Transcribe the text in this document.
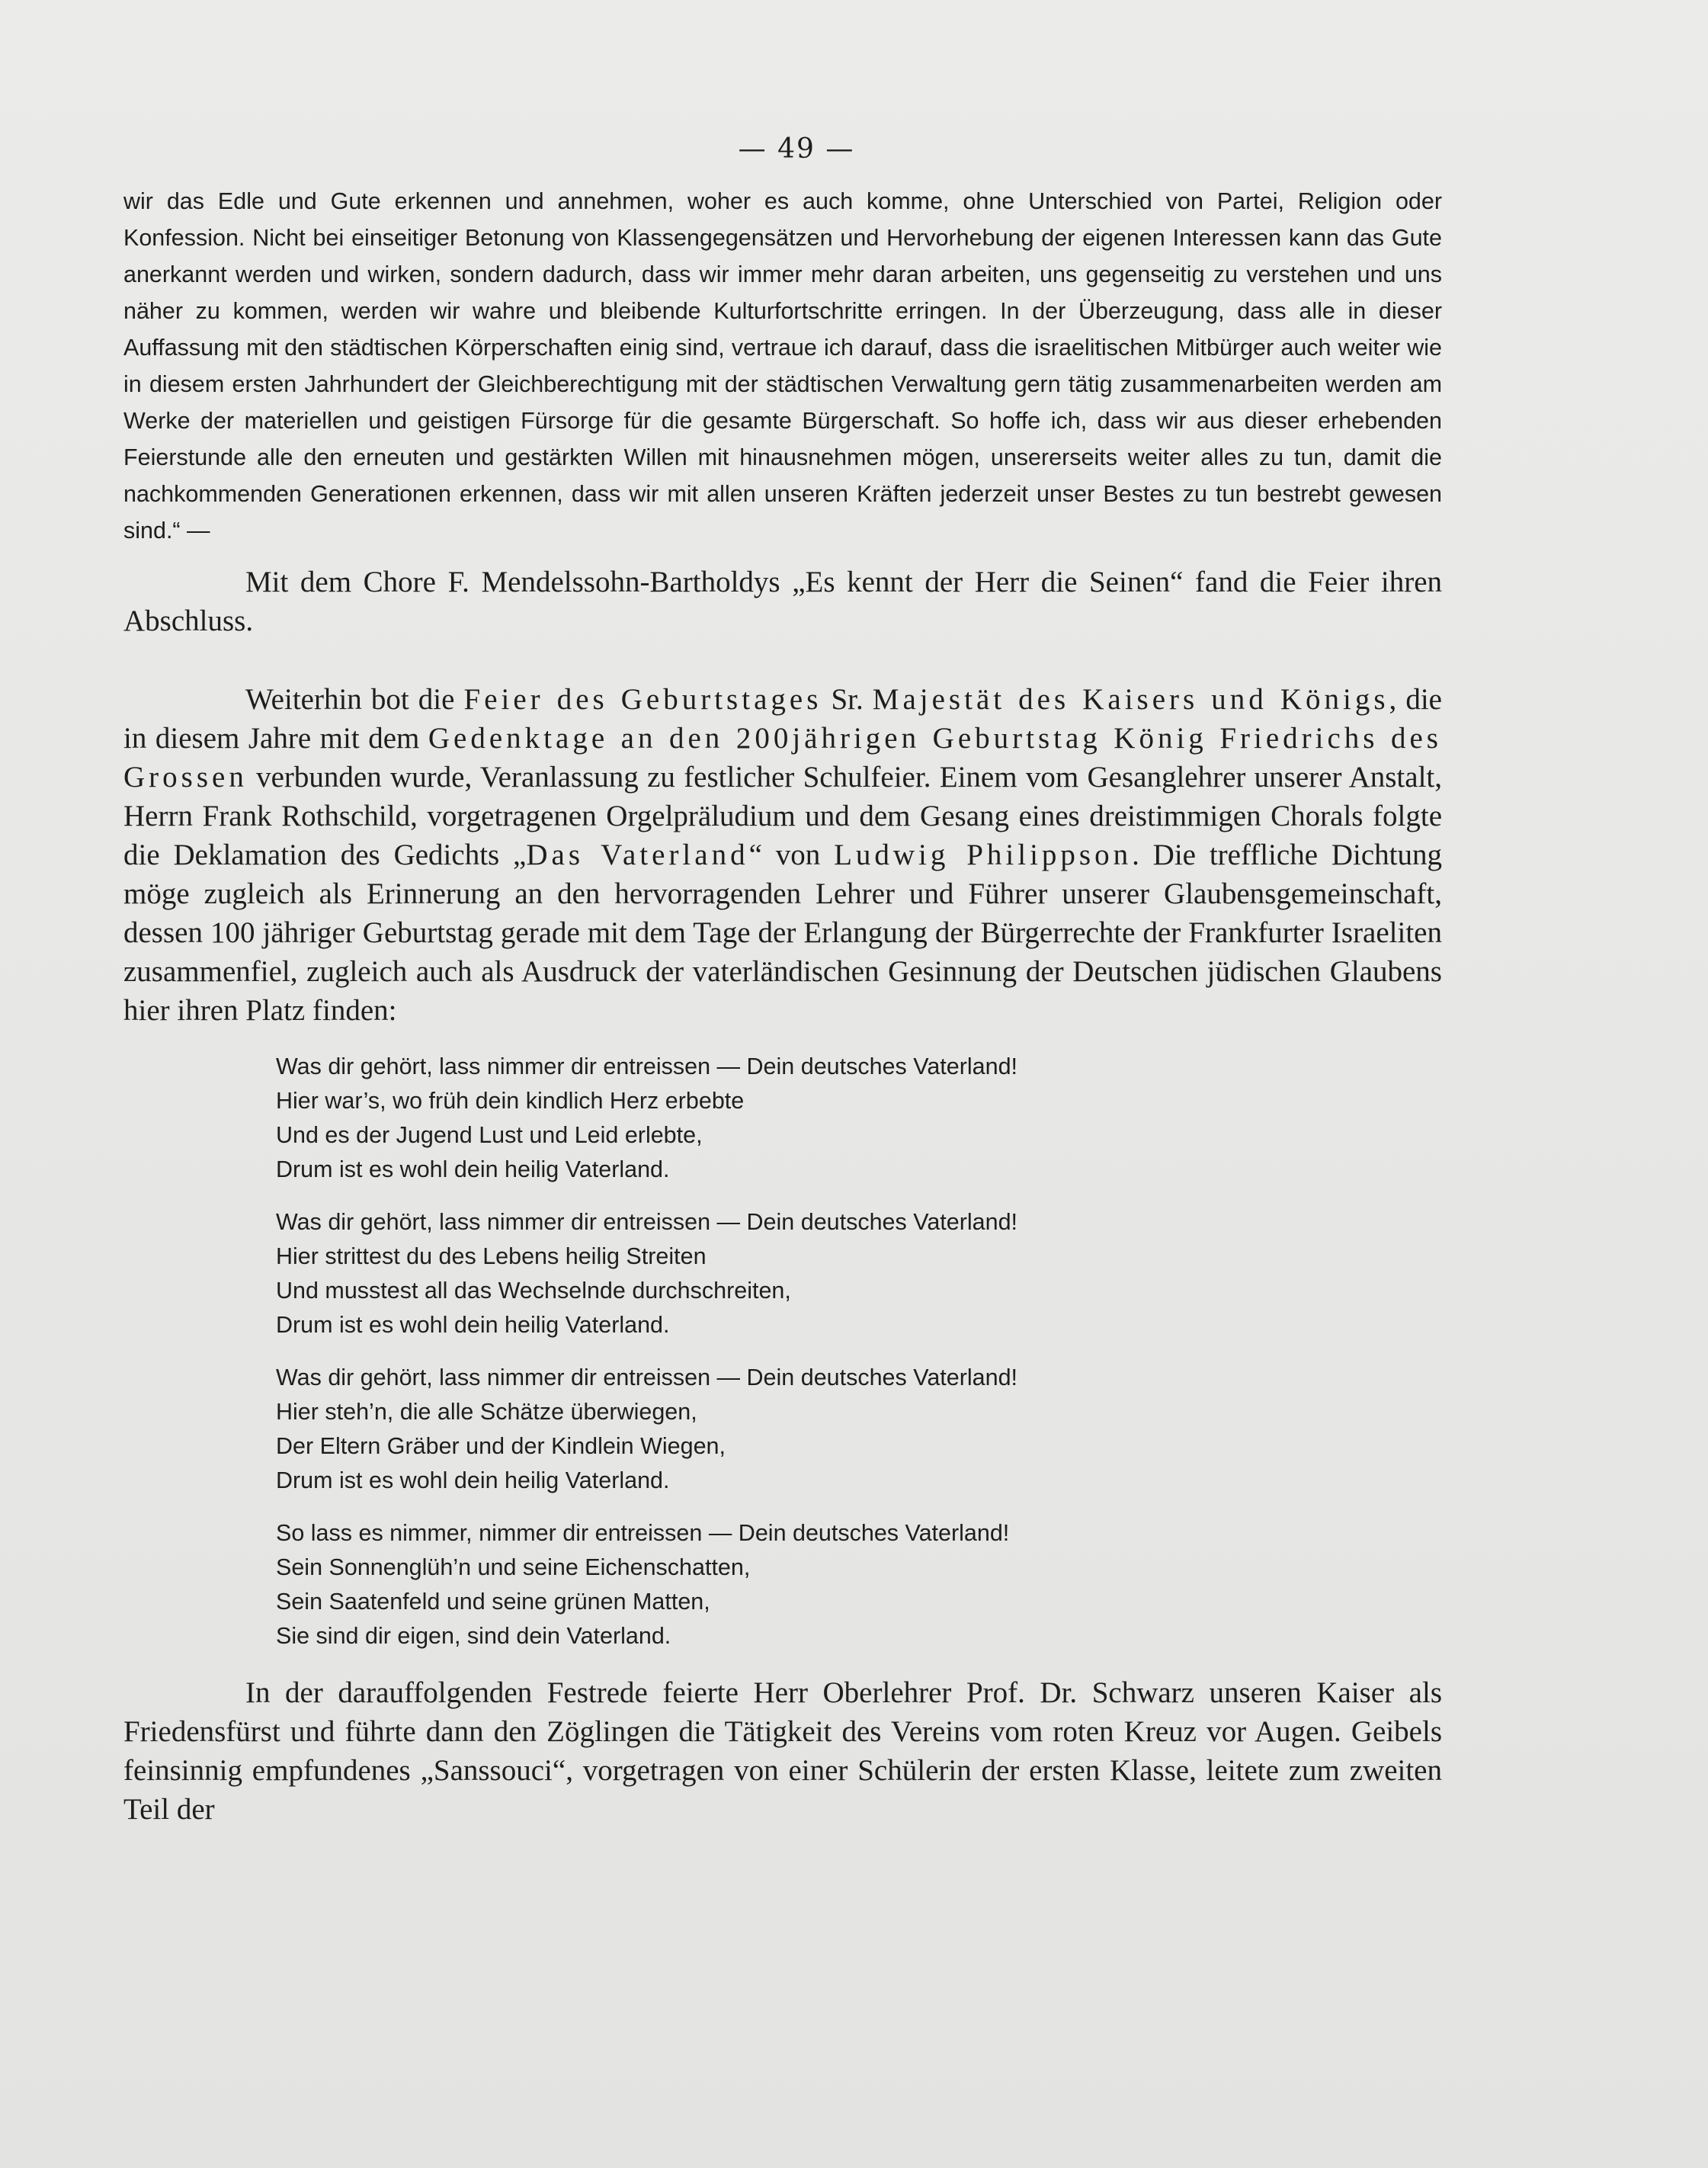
— 49 —

wir das Edle und Gute erkennen und annehmen, woher es auch komme, ohne Unterschied von Partei, Religion oder Konfession. Nicht bei einseitiger Betonung von Klassengegensätzen und Hervorhebung der eigenen Interessen kann das Gute anerkannt werden und wirken, sondern dadurch, dass wir immer mehr daran arbeiten, uns gegenseitig zu verstehen und uns näher zu kommen, werden wir wahre und bleibende Kulturfortschritte erringen. In der Überzeugung, dass alle in dieser Auffassung mit den städtischen Körperschaften einig sind, vertraue ich darauf, dass die israelitischen Mitbürger auch weiter wie in diesem ersten Jahrhundert der Gleichberechtigung mit der städtischen Verwaltung gern tätig zusammenarbeiten werden am Werke der materiellen und geistigen Fürsorge für die gesamte Bürgerschaft. So hoffe ich, dass wir aus dieser erhebenden Feierstunde alle den erneuten und gestärkten Willen mit hinausnehmen mögen, unsererseits weiter alles zu tun, damit die nachkommenden Generationen erkennen, dass wir mit allen unseren Kräften jederzeit unser Bestes zu tun bestrebt gewesen sind.“ —

Mit dem Chore F. Mendelssohn-Bartholdys „Es kennt der Herr die Seinen“ fand die Feier ihren Abschluss.

Weiterhin bot die Feier des Geburtstages Sr. Majestät des Kaisers und Königs, die in diesem Jahre mit dem Gedenktage an den 200jährigen Geburtstag König Friedrichs des Grossen verbunden wurde, Veranlassung zu festlicher Schulfeier. Einem vom Gesanglehrer unserer Anstalt, Herrn Frank Rothschild, vorgetragenen Orgelpräludium und dem Gesang eines dreistimmigen Chorals folgte die Deklamation des Gedichts „Das Vaterland“ von Ludwig Philippson. Die treffliche Dichtung möge zugleich als Erinnerung an den hervorragenden Lehrer und Führer unserer Glaubensgemeinschaft, dessen 100 jähriger Geburtstag gerade mit dem Tage der Erlangung der Bürgerrechte der Frankfurter Israeliten zusammenfiel, zugleich auch als Ausdruck der vaterländischen Gesinnung der Deutschen jüdischen Glaubens hier ihren Platz finden:

Was dir gehört, lass nimmer dir entreissen — Dein deutsches Vaterland!
Hier war’s, wo früh dein kindlich Herz erbebte
Und es der Jugend Lust und Leid erlebte,
Drum ist es wohl dein heilig Vaterland.
Was dir gehört, lass nimmer dir entreissen — Dein deutsches Vaterland!
Hier strittest du des Lebens heilig Streiten
Und musstest all das Wechselnde durchschreiten,
Drum ist es wohl dein heilig Vaterland.
Was dir gehört, lass nimmer dir entreissen — Dein deutsches Vaterland!
Hier steh’n, die alle Schätze überwiegen,
Der Eltern Gräber und der Kindlein Wiegen,
Drum ist es wohl dein heilig Vaterland.
So lass es nimmer, nimmer dir entreissen — Dein deutsches Vaterland!
Sein Sonnenglüh’n und seine Eichenschatten,
Sein Saatenfeld und seine grünen Matten,
Sie sind dir eigen, sind dein Vaterland.

In der darauffolgenden Festrede feierte Herr Oberlehrer Prof. Dr. Schwarz unseren Kaiser als Friedensfürst und führte dann den Zöglingen die Tätigkeit des Vereins vom roten Kreuz vor Augen. Geibels feinsinnig empfundenes „Sanssouci“, vorgetragen von einer Schülerin der ersten Klasse, leitete zum zweiten Teil der
